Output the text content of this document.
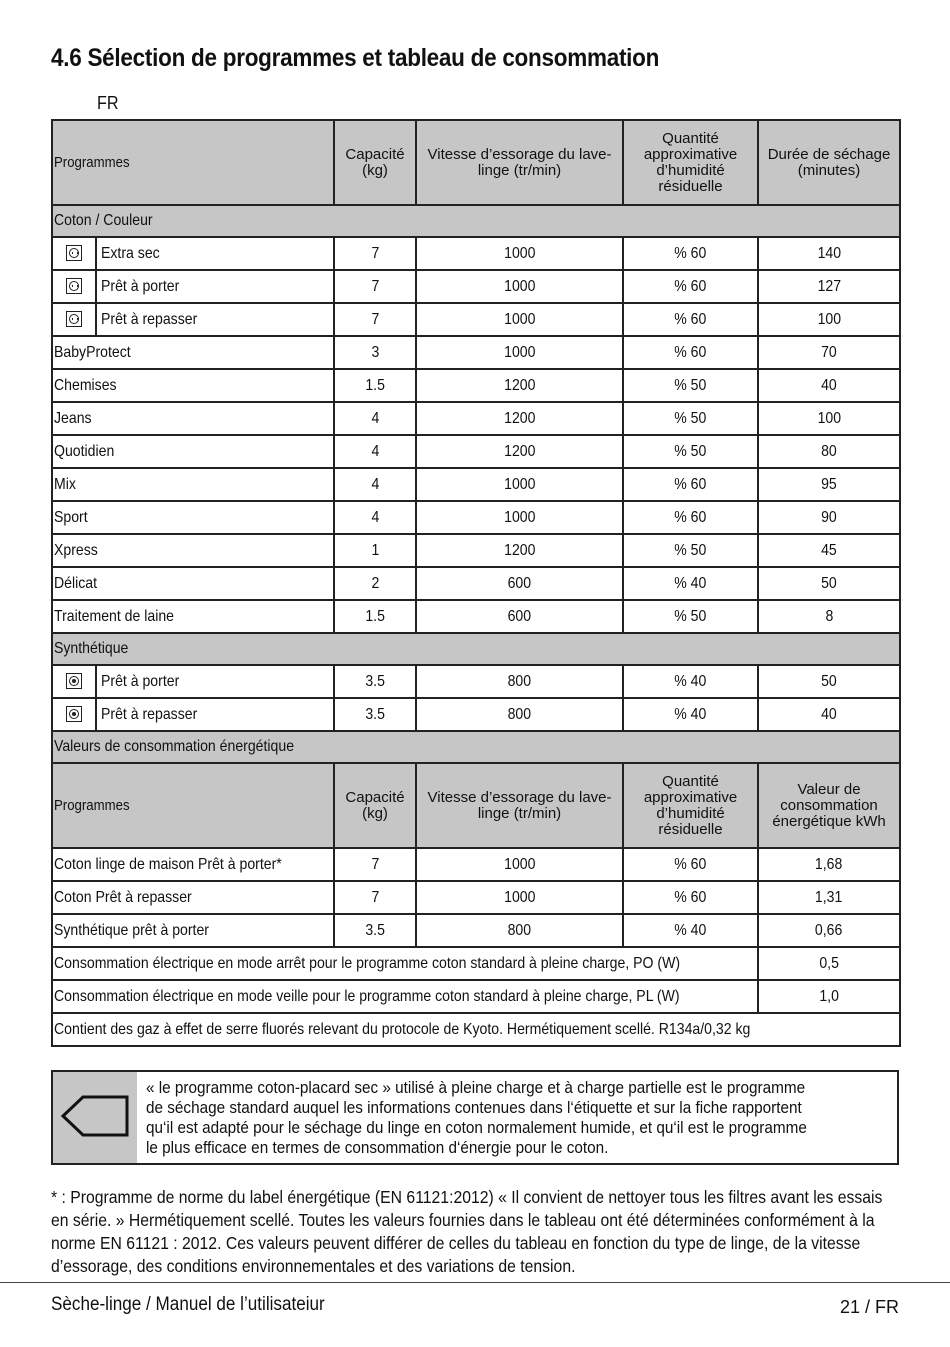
4.6 Sélection de programmes et tableau de consommation
FR
Programmes		Capacité (kg)	Vitesse d’essorage du lave-linge (tr/min)	Quantité approximative d’humidité résiduelle	Durée de séchage (minutes)

Coton / Couleur					
	Extra sec	7	1000	% 60	140
	Prêt à porter	7	1000	% 60	127
	Prêt à repasser	7	1000	% 60	100
BabyProtect		3	1000	% 60	70
Chemises		1.5	1200	% 50	40
Jeans		4	1200	% 50	100
Quotidien		4	1200	% 50	80
Mix		4	1000	% 60	95
Sport		4	1000	% 60	90
Xpress		1	1200	% 50	45
Délicat		2	600	% 40	50
Traitement de laine		1.5	600	% 50	8
Synthétique					
	Prêt à porter	3.5	800	% 40	50
	Prêt à repasser	3.5	800	% 40	40
Valeurs de consommation énergétique					
Programmes		Capacité (kg)	Vitesse d’essorage du lave-linge (tr/min)	Quantité approximative d’humidité résiduelle	Valeur de consommation énergétique kWh

Coton linge de maison Prêt à porter*		7	1000	% 60	1,68
Coton Prêt à repasser		7	1000	% 60	1,31
Synthétique prêt à porter		3.5	800	% 40	0,66
Consommation électrique en mode arrêt pour le programme coton standard à pleine charge, PO (W)					0,5
Consommation électrique en mode veille pour le programme coton standard à pleine charge, PL (W)					1,0
Contient des gaz à effet de serre fluorés relevant du protocole de Kyoto. Hermétiquement scellé. R134a/0,32 kg					
« le programme coton-placard sec » utilisé à pleine charge et à charge partielle est le programme de séchage standard auquel les informations contenues dans l‘étiquette et sur la fiche rapportent qu‘il est adapté pour le séchage du linge en coton normalement humide, et qu‘il est le programme le plus efficace en termes de consommation d‘énergie pour le coton.
* : Programme de norme du label énergétique (EN 61121:2012) « Il convient de nettoyer tous les filtres avant les essais en série. » Hermétiquement scellé. Toutes les valeurs fournies dans le tableau ont été déterminées conformément à la norme EN 61121 : 2012. Ces valeurs peuvent différer de celles du tableau en fonction du type de linge, de la vitesse d’essorage, des conditions environnementales et des variations de tension.
Sèche-linge / Manuel de l’utilisateiur	21 / FR
